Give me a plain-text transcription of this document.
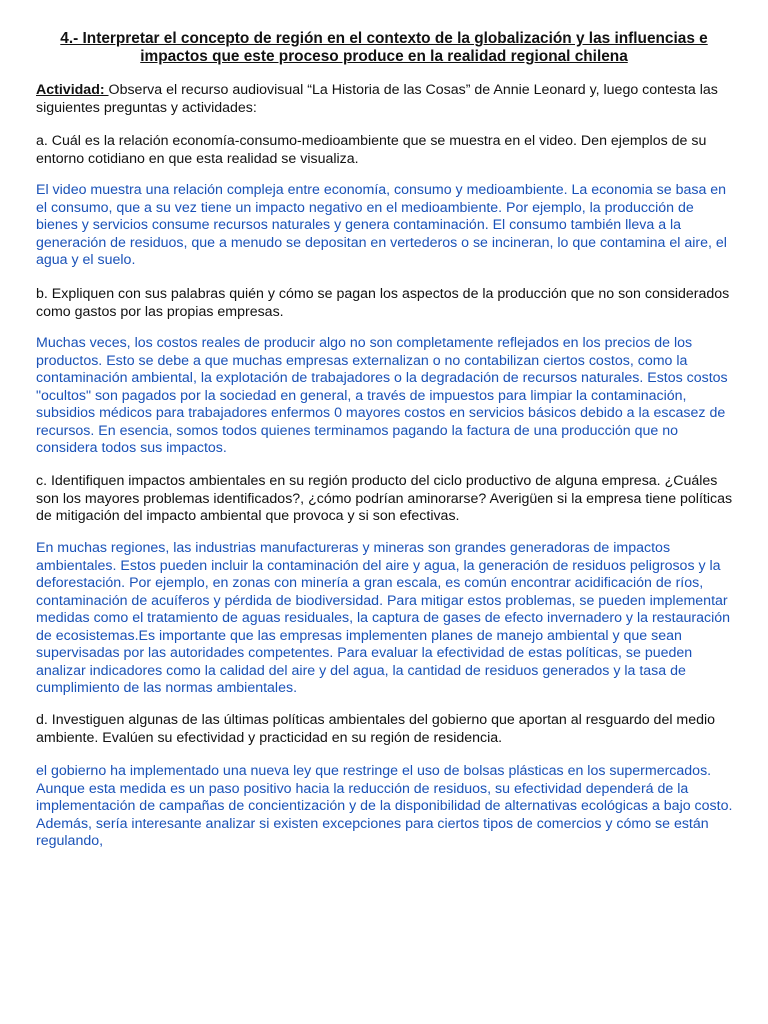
4.- Interpretar el concepto de región en el contexto de la globalización y las influencias e impactos que este proceso produce en la realidad regional chilena

Actividad: Observa el recurso audiovisual “La Historia de las Cosas” de Annie Leonard y, luego contesta las siguientes preguntas y actividades:

a. Cuál es la relación economía-consumo-medioambiente que se muestra en el video. Den ejemplos de su entorno cotidiano en que esta realidad se visualiza.

El video muestra una relación compleja entre economía, consumo y medioambiente. La economia se basa en el consumo, que a su vez tiene un impacto negativo en el medioambiente. Por ejemplo, la producción de bienes y servicios consume recursos naturales y genera contaminación. El consumo también lleva a la generación de residuos, que a menudo se depositan en vertederos o se incineran, lo que contamina el aire, el agua y el suelo.

b. Expliquen con sus palabras quién y cómo se pagan los aspectos de la producción que no son considerados como gastos por las propias empresas.

Muchas veces, los costos reales de producir algo no son completamente reflejados en los precios de los productos. Esto se debe a que muchas empresas externalizan o no contabilizan ciertos costos, como la contaminación ambiental, la explotación de trabajadores o la degradación de recursos naturales. Estos costos "ocultos" son pagados por la sociedad en general, a través de impuestos para limpiar la contaminación, subsidios médicos para trabajadores enfermos 0 mayores costos en servicios básicos debido a la escasez de recursos. En esencia, somos todos quienes terminamos pagando la factura de una producción que no considera todos sus impactos.

c. Identifiquen impactos ambientales en su región producto del ciclo productivo de alguna empresa. ¿Cuáles son los mayores problemas identificados?, ¿cómo podrían aminorarse? Averigüen si la empresa tiene políticas de mitigación del impacto ambiental que provoca y si son efectivas.

En muchas regiones, las industrias manufactureras y mineras son grandes generadoras de impactos ambientales. Estos pueden incluir la contaminación del aire y agua, la generación de residuos peligrosos y la deforestación. Por ejemplo, en zonas con minería a gran escala, es común encontrar acidificación de ríos, contaminación de acuíferos y pérdida de biodiversidad. Para mitigar estos problemas, se pueden implementar medidas como el tratamiento de aguas residuales, la captura de gases de efecto invernadero y la restauración de ecosistemas.Es importante que las empresas implementen planes de manejo ambiental y que sean supervisadas por las autoridades competentes. Para evaluar la efectividad de estas políticas, se pueden analizar indicadores como la calidad del aire y del agua, la cantidad de residuos generados y la tasa de cumplimiento de las normas ambientales.

d. Investiguen algunas de las últimas políticas ambientales del gobierno que aportan al resguardo del medio ambiente. Evalúen su efectividad y practicidad en su región de residencia.

el gobierno ha implementado una nueva ley que restringe el uso de bolsas plásticas en los supermercados. Aunque esta medida es un paso positivo hacia la reducción de residuos, su efectividad dependerá de la implementación de campañas de concientización y de la disponibilidad de alternativas ecológicas a bajo costo. Además, sería interesante analizar si existen excepciones para ciertos tipos de comercios y cómo se están regulando,
